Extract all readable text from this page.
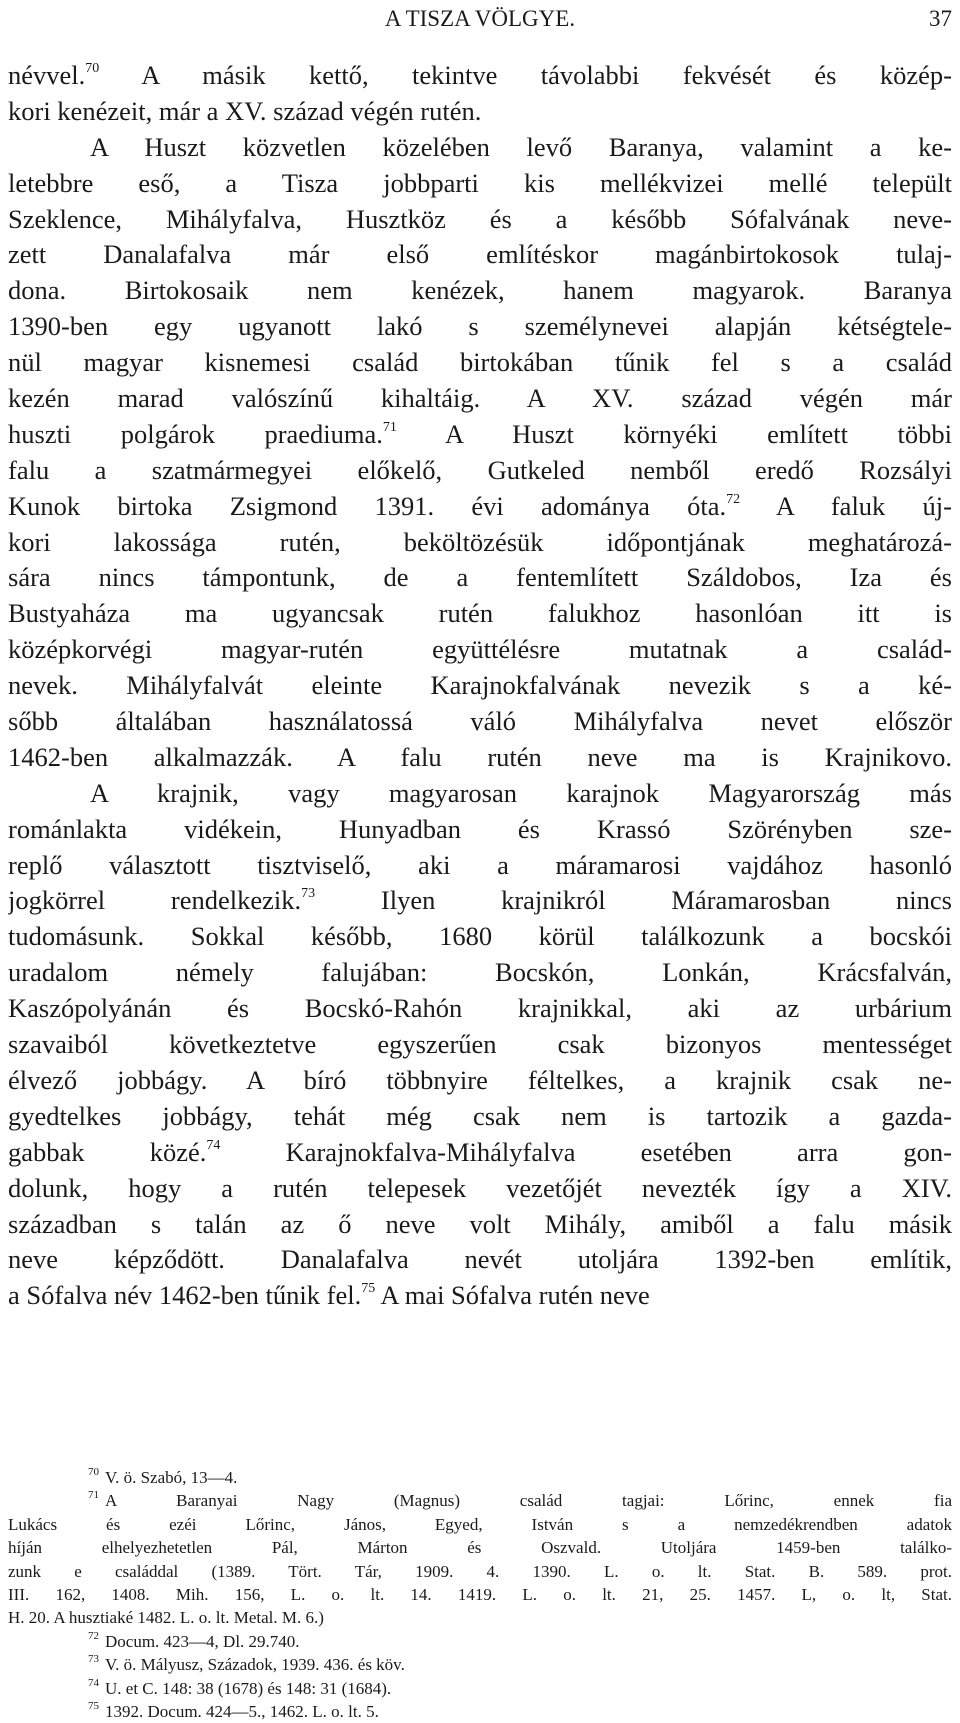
A TISZA VÖLGYE.	37
névvel.$^{70}$ A másik kettő, tekintve távolabbi fekvését és közép-
kori kenézeit, már a XV. század végén rutén.
A Huszt közvetlen közelében levő Baranya, valamint a ke-
letebbre eső, a Tisza jobbparti kis mellékvizei mellé települt
Szeklence, Mihályfalva, Husztköz és a később Sófalvának neve-
zett Danalafalva már első említéskor magánbirtokosok tulaj-
dona. Birtokosaik nem kenézek, hanem magyarok. Baranya
1390-ben egy ugyanott lakó s személynevei alapján kétségtele-
nül magyar kisnemesi család birtokában tűnik fel s a család
kezén marad valószínű kihaltáig. A XV. század végén már
huszti polgárok praediuma.$^{71}$ A Huszt környéki említett többi
falu a szatmármegyei előkelő, Gutkeled nemből eredő Rozsályi
Kunok birtoka Zsigmond 1391. évi adománya óta.$^{72}$ A faluk új-
kori lakossága rutén, beköltözésük időpontjának meghatározá-
sára nincs támpontunk, de a fentemlített Száldobos, Iza és
Bustyaháza ma ugyancsak rutén falukhoz hasonlóan itt is
középkorvégi magyar-rutén együttélésre mutatnak a család-
nevek. Mihályfalvát eleinte Karajnokfalvának nevezik s a ké-
sőbb általában használatossá váló Mihályfalva nevet először
1462-ben alkalmazzák. A falu rutén neve ma is Krajnikovo.
A krajnik, vagy magyarosan karajnok Magyarország más
románlakta vidékein, Hunyadban és Krassó Szörényben sze-
replő választott tisztviselő, aki a máramarosi vajdához hasonló
jogkörrel rendelkezik.$^{73}$ Ilyen krajnikról Máramarosban nincs
tudomásunk. Sokkal később, 1680 körül találkozunk a bocskói
uradalom némely falujában: Bocskón, Lonkán, Krácsfalván,
Kaszópolyánán és Bocskó-Rahón krajnikkal, aki az urbárium
szavaiból következtetve egyszerűen csak bizonyos mentességet
élvező jobbágy. A bíró többnyire féltelkes, a krajnik csak ne-
gyedtelkes jobbágy, tehát még csak nem is tartozik a gazda-
gabbak közé.$^{74}$ Karajnokfalva-Mihályfalva esetében arra gon-
dolunk, hogy a rutén telepesek vezetőjét nevezték így a XIV.
században s talán az ő neve volt Mihály, amiből a falu másik
neve képződött. Danalafalva nevét utoljára 1392-ben említik,
a Sófalva név 1462-ben tűnik fel.$^{75}$ A mai Sófalva rutén neve
$^{70}$ V. ö. Szabó, 13—4.
$^{71}$ A Baranyai Nagy (Magnus) család tagjai: Lőrinc, ennek fia
Lukács és ezéi Lőrinc, János, Egyed, István s a nemzedékrendben adatok
híján elhelyezhetetlen Pál, Márton és Oszvald. Utoljára 1459-ben találko-
zunk e családdal (1389. Tört. Tár, 1909. 4. 1390. L. o. lt. Stat. B. 589. prot.
III. 162, 1408. Mih. 156, L. o. lt. 14. 1419. L. o. lt. 21, 25. 1457. L, o. lt, Stat.
H. 20. A husztiaké 1482. L. o. lt. Metal. M. 6.)
$^{72}$ Docum. 423—4, Dl. 29.740.
$^{73}$ V. ö. Mályusz, Századok, 1939. 436. és köv.
$^{74}$ U. et C. 148: 38 (1678) és 148: 31 (1684).
$^{75}$ 1392. Docum. 424—5., 1462. L. o. lt. 5.
